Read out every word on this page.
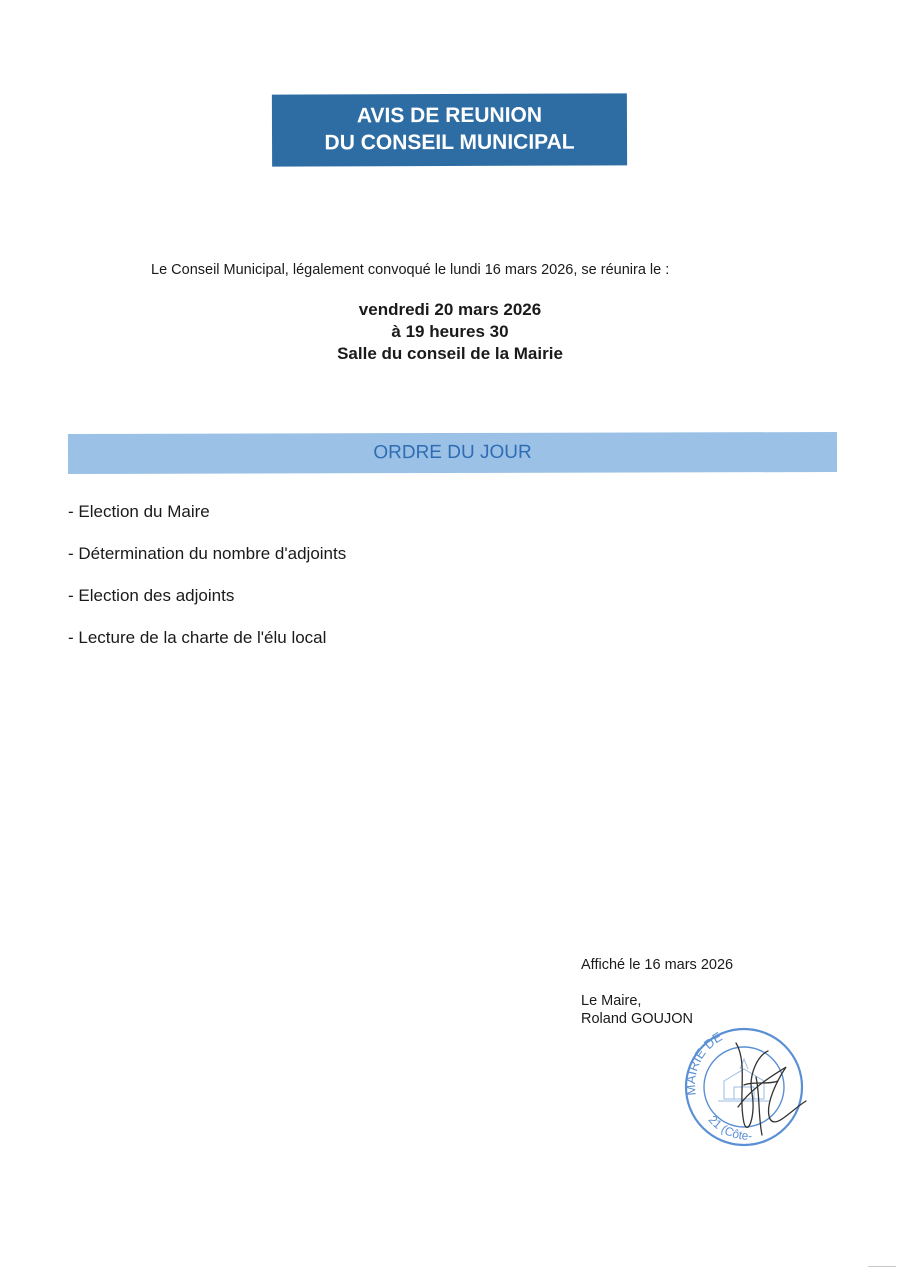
AVIS DE REUNION
DU CONSEIL MUNICIPAL
Le Conseil Municipal, légalement convoqué le lundi 16 mars 2026, se réunira le :
vendredi 20 mars 2026
à 19 heures 30
Salle du conseil de la Mairie
ORDRE DU JOUR
- Election du Maire
- Détermination du nombre d'adjoints
- Election des adjoints
- Lecture de la charte de l'élu local
Affiché le 16 mars 2026
Le Maire,
Roland GOUJON
MAIRIE DE
21 (Côte-
